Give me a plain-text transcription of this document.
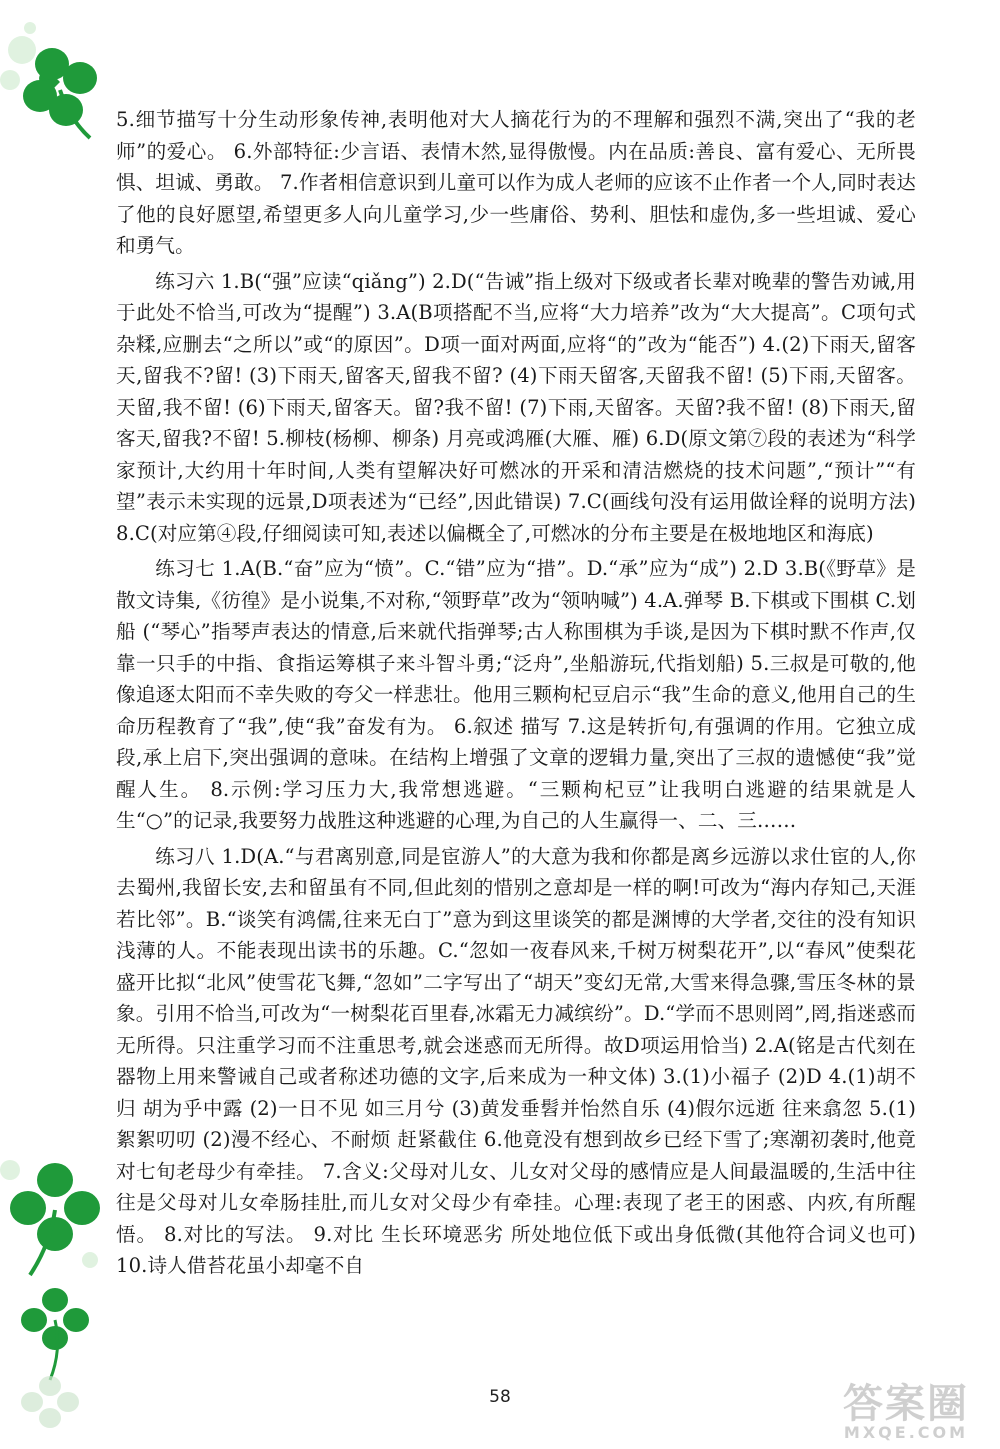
5.细节描写十分生动形象传神,表明他对大人摘花行为的不理解和强烈不满,突出了“我的老师”的爱心。 6.外部特征:少言语、表情木然,显得傲慢。内在品质:善良、富有爱心、无所畏惧、坦诚、勇敢。 7.作者相信意识到儿童可以作为成人老师的应该不止作者一个人,同时表达了他的良好愿望,希望更多人向儿童学习,少一些庸俗、势利、胆怯和虚伪,多一些坦诚、爱心和勇气。

练习六 1.B(“强”应读“qiǎng”) 2.D(“告诫”指上级对下级或者长辈对晚辈的警告劝诫,用于此处不恰当,可改为“提醒”) 3.A(B项搭配不当,应将“大力培养”改为“大大提高”。C项句式杂糅,应删去“之所以”或“的原因”。D项一面对两面,应将“的”改为“能否”) 4.(2)下雨天,留客天,留我不?留! (3)下雨天,留客天,留我不留? (4)下雨天留客,天留我不留! (5)下雨,天留客。天留,我不留! (6)下雨天,留客天。留?我不留! (7)下雨,天留客。天留?我不留! (8)下雨天,留客天,留我?不留! 5.柳枝(杨柳、柳条) 月亮或鸿雁(大雁、雁) 6.D(原文第⑦段的表述为“科学家预计,大约用十年时间,人类有望解决好可燃冰的开采和清洁燃烧的技术问题”,“预计”“有望”表示未实现的远景,D项表述为“已经”,因此错误) 7.C(画线句没有运用做诠释的说明方法) 8.C(对应第④段,仔细阅读可知,表述以偏概全了,可燃冰的分布主要是在极地地区和海底)

练习七 1.A(B.“奋”应为“愤”。C.“错”应为“措”。D.“承”应为“成”) 2.D 3.B(《野草》是散文诗集,《彷徨》是小说集,不对称,“领野草”改为“领呐喊”) 4.A.弹琴 B.下棋或下围棋 C.划船 (“琴心”指琴声表达的情意,后来就代指弹琴;古人称围棋为手谈,是因为下棋时默不作声,仅靠一只手的中指、食指运筹棋子来斗智斗勇;“泛舟”,坐船游玩,代指划船) 5.三叔是可敬的,他像追逐太阳而不幸失败的夸父一样悲壮。他用三颗枸杞豆启示“我”生命的意义,他用自己的生命历程教育了“我”,使“我”奋发有为。 6.叙述 描写 7.这是转折句,有强调的作用。它独立成段,承上启下,突出强调的意味。在结构上增强了文章的逻辑力量,突出了三叔的遗憾使“我”觉醒人生。 8.示例:学习压力大,我常想逃避。“三颗枸杞豆”让我明白逃避的结果就是人生“○”的记录,我要努力战胜这种逃避的心理,为自己的人生赢得一、二、三……

练习八 1.D(A.“与君离别意,同是宦游人”的大意为我和你都是离乡远游以求仕宦的人,你去蜀州,我留长安,去和留虽有不同,但此刻的惜别之意却是一样的啊!可改为“海内存知己,天涯若比邻”。B.“谈笑有鸿儒,往来无白丁”意为到这里谈笑的都是渊博的大学者,交往的没有知识浅薄的人。不能表现出读书的乐趣。C.“忽如一夜春风来,千树万树梨花开”,以“春风”使梨花盛开比拟“北风”使雪花飞舞,“忽如”二字写出了“胡天”变幻无常,大雪来得急骤,雪压冬林的景象。引用不恰当,可改为“一树梨花百里春,冰霜无力减缤纷”。D.“学而不思则罔”,罔,指迷惑而无所得。只注重学习而不注重思考,就会迷惑而无所得。故D项运用恰当) 2.A(铭是古代刻在器物上用来警诫自己或者称述功德的文字,后来成为一种文体) 3.(1)小福子 (2)D 4.(1)胡不归 胡为乎中露 (2)一日不见 如三月兮 (3)黄发垂髫并怡然自乐 (4)假尔远逝 往来翕忽 5.(1)絮絮叨叨 (2)漫不经心、不耐烦 赶紧截住 6.他竟没有想到故乡已经下雪了;寒潮初袭时,他竟对七旬老母少有牵挂。 7.含义:父母对儿女、儿女对父母的感情应是人间最温暖的,生活中往往是父母对儿女牵肠挂肚,而儿女对父母少有牵挂。心理:表现了老王的困惑、内疚,有所醒悟。 8.对比的写法。 9.对比 生长环境恶劣 所处地位低下或出身低微(其他符合词义也可) 10.诗人借苔花虽小却毫不自

58	答案圈
MXQE.COM
